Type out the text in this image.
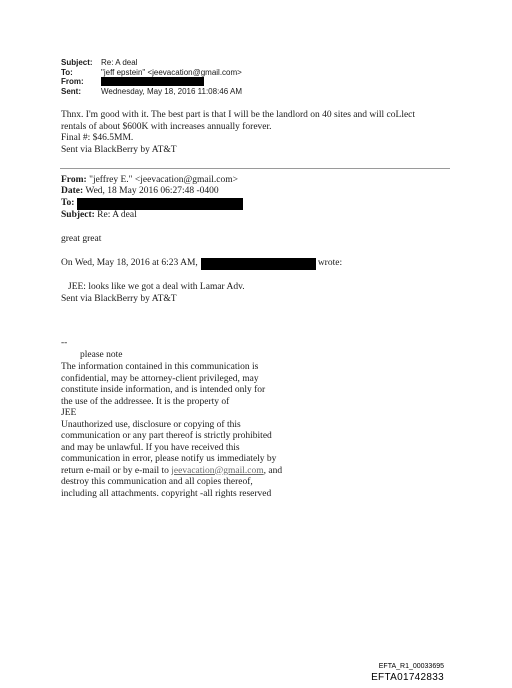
Subject:	Re: A deal
To:	"jeff epstein" <jeevacation@gmail.com>
From:
Sent:	Wednesday, May 18, 2016 11:08:46 AM
Thnx. I'm good with it. The best part is that I will be the landlord on 40 sites and will coLlect
rentals of about $600K with increases annually forever.
Final #: $46.5MM.
Sent via BlackBerry by AT&T
From: "jeffrey E." <jeevacation@gmail.com>
Date: Wed, 18 May 2016 06:27:48 -0400
To:
Subject: Re: A deal
great great
On Wed, May 18, 2016 at 6:23 AM,	wrote:
JEE: looks like we got a deal with Lamar Adv.
Sent via BlackBerry by AT&T
--
please note
The information contained in this communication is
confidential, may be attorney-client privileged, may
constitute inside information, and is intended only for
the use of the addressee. It is the property of
JEE
Unauthorized use, disclosure or copying of this
communication or any part thereof is strictly prohibited
and may be unlawful. If you have received this
communication in error, please notify us immediately by
return e-mail or by e-mail to jeevacation@gmail.com, and
destroy this communication and all copies thereof,
including all attachments. copyright -all rights reserved
EFTA_R1_00033695
EFTA01742833
